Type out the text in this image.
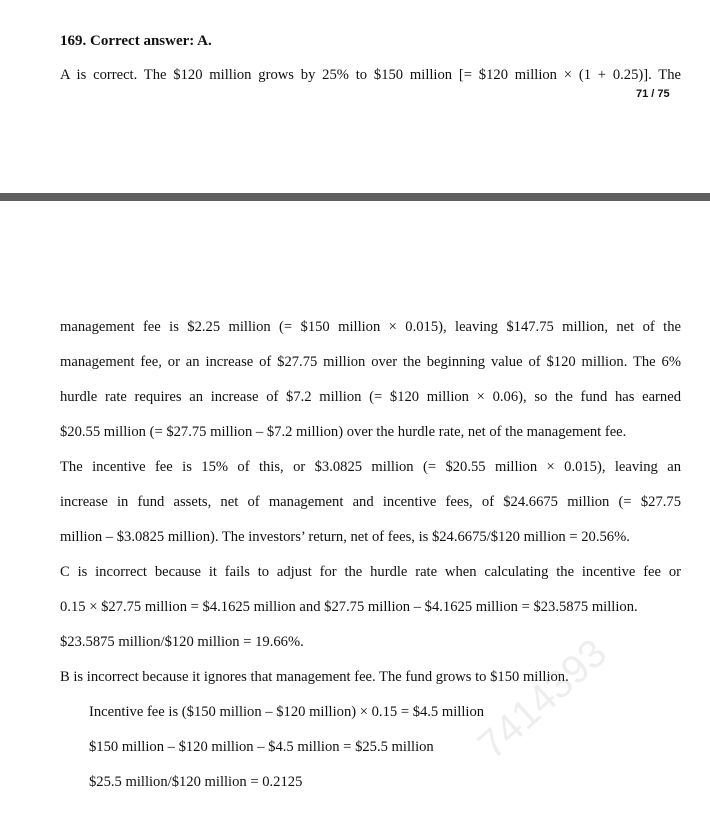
169. Correct answer: A.
A is correct. The $120 million grows by 25% to $150 million [= $120 million × (1 + 0.25)]. The
71 / 75
management fee is $2.25 million (= $150 million × 0.015), leaving $147.75 million, net of the
management fee, or an increase of $27.75 million over the beginning value of $120 million. The 6%
hurdle rate requires an increase of $7.2 million (= $120 million × 0.06), so the fund has earned
$20.55 million (= $27.75 million – $7.2 million) over the hurdle rate, net of the management fee.
The incentive fee is 15% of this, or $3.0825 million (= $20.55 million × 0.015), leaving an
increase in fund assets, net of management and incentive fees, of $24.6675 million (= $27.75
million – $3.0825 million). The investors’ return, net of fees, is $24.6675/$120 million = 20.56%.
C is incorrect because it fails to adjust for the hurdle rate when calculating the incentive fee or
0.15 × $27.75 million = $4.1625 million and $27.75 million – $4.1625 million = $23.5875 million.
$23.5875 million/$120 million = 19.66%.
B is incorrect because it ignores that management fee. The fund grows to $150 million.
Incentive fee is ($150 million – $120 million) × 0.15 = $4.5 million
$150 million – $120 million – $4.5 million = $25.5 million
$25.5 million/$120 million = 0.2125
7414393
